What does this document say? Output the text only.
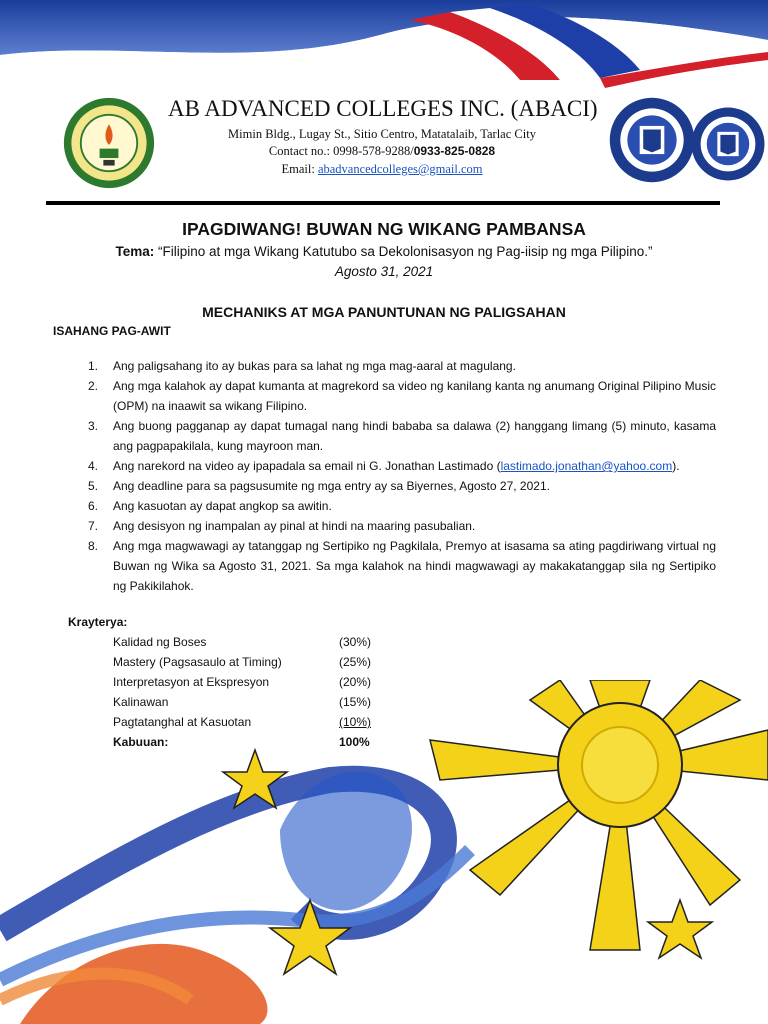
AB ADVANCED COLLEGES INC. (ABACI)
Mimin Bldg., Lugay St., Sitio Centro, Matatalaib, Tarlac City
Contact no.: 0998-578-9288/0933-825-0828
Email: abadvancedcolleges@gmail.com
IPAGDIWANG! BUWAN NG WIKANG PAMBANSA
Tema: “Filipino at mga Wikang Katutubo sa Dekolonisasyon ng Pag-iisip ng mga Pilipino.”
Agosto 31, 2021
MECHANIKS AT MGA PANUNTUNAN NG PALIGSAHAN
ISAHANG PAG-AWIT
1. Ang paligsahang ito ay bukas para sa lahat ng mga mag-aaral at magulang.
2. Ang mga kalahok ay dapat kumanta at magrekord sa video ng kanilang kanta ng anumang Original Pilipino Music (OPM) na inaawit sa wikang Filipino.
3. Ang buong pagganap ay dapat tumagal nang hindi bababa sa dalawa (2) hanggang limang (5) minuto, kasama ang pagpapakilala, kung mayroon man.
4. Ang narekord na video ay ipapadala sa email ni G. Jonathan Lastimado (lastimado.jonathan@yahoo.com).
5. Ang deadline para sa pagsusumite ng mga entry ay sa Biyernes, Agosto 27, 2021.
6. Ang kasuotan ay dapat angkop sa awitin.
7. Ang desisyon ng inampalan ay pinal at hindi na maaring pasubalian.
8. Ang mga magwawagi ay tatanggap ng Sertipiko ng Pagkilala, Premyo at isasama sa ating pagdiriwang virtual ng Buwan ng Wika sa Agosto 31, 2021. Sa mga kalahok na hindi magwawagi ay makakatanggap sila ng Sertipiko ng Pakikilahok.
Krayterya:
Kalidad ng Boses	(30%)
Mastery (Pagsasaulo at Timing)	(25%)
Interpretasyon at Ekspresyon	(20%)
Kalinawan	(15%)
Pagtatanghal at Kasuotan	(10%)
Kabuuan:	100%
